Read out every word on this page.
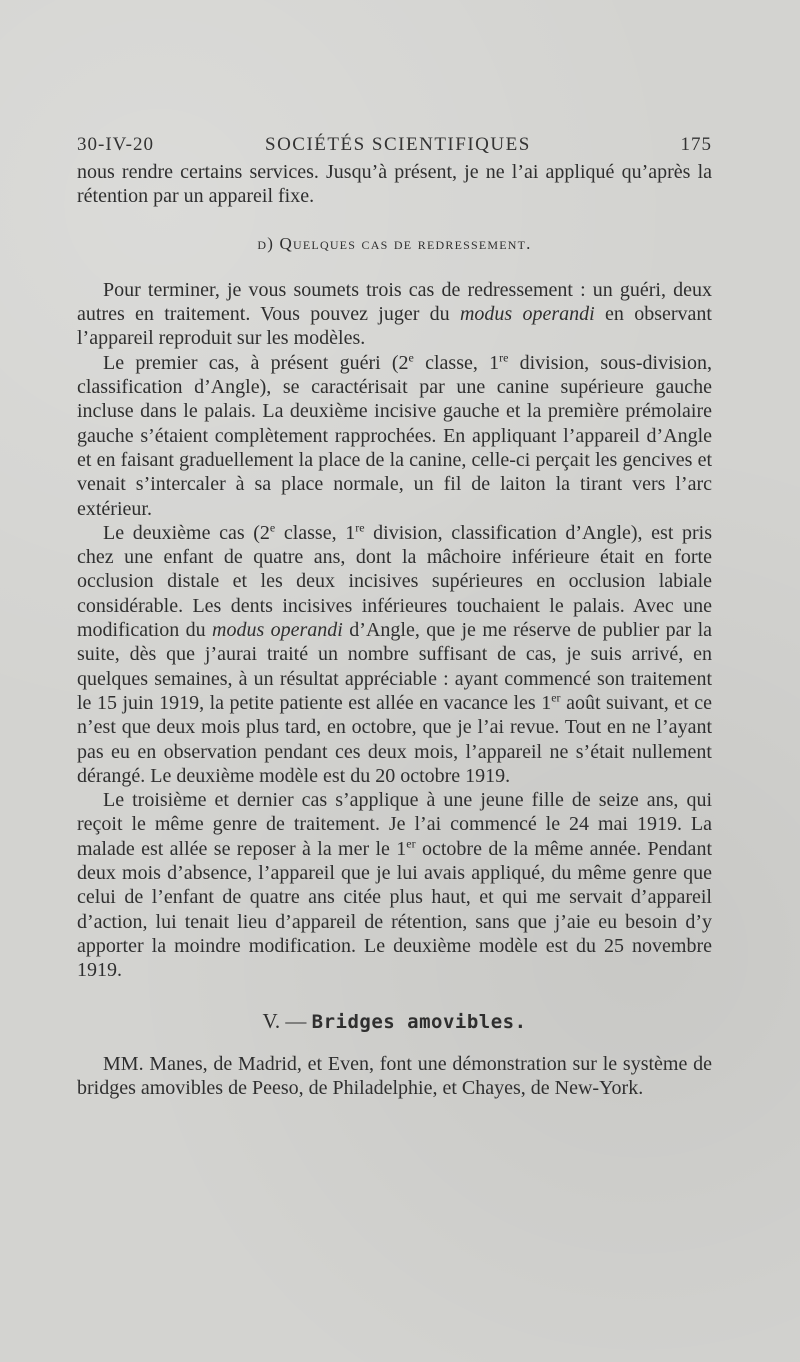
30-IV-20	SOCIÉTÉS SCIENTIFIQUES	175

nous rendre certains services. Jusqu’à présent, je ne l’ai appliqué qu’après la rétention par un appareil fixe.

d) Quelques cas de redressement.

Pour terminer, je vous soumets trois cas de redressement : un guéri, deux autres en traitement. Vous pouvez juger du modus operandi en observant l’appareil reproduit sur les modèles.

Le premier cas, à présent guéri (2e classe, 1re division, sous-division, classification d’Angle), se caractérisait par une canine supérieure gauche incluse dans le palais. La deuxième incisive gauche et la première prémolaire gauche s’étaient complètement rapprochées. En appliquant l’appareil d’Angle et en faisant graduellement la place de la canine, celle-ci perçait les gencives et venait s’intercaler à sa place normale, un fil de laiton la tirant vers l’arc extérieur.

Le deuxième cas (2e classe, 1re division, classification d’Angle), est pris chez une enfant de quatre ans, dont la mâchoire inférieure était en forte occlusion distale et les deux incisives supérieures en occlusion labiale considérable. Les dents incisives inférieures touchaient le palais. Avec une modification du modus operandi d’Angle, que je me réserve de publier par la suite, dès que j’aurai traité un nombre suffisant de cas, je suis arrivé, en quelques semaines, à un résultat appréciable : ayant commencé son traitement le 15 juin 1919, la petite patiente est allée en vacance les 1er août suivant, et ce n’est que deux mois plus tard, en octobre, que je l’ai revue. Tout en ne l’ayant pas eu en observation pendant ces deux mois, l’appareil ne s’était nullement dérangé. Le deuxième modèle est du 20 octobre 1919.

Le troisième et dernier cas s’applique à une jeune fille de seize ans, qui reçoit le même genre de traitement. Je l’ai commencé le 24 mai 1919. La malade est allée se reposer à la mer le 1er octobre de la même année. Pendant deux mois d’absence, l’appareil que je lui avais appliqué, du même genre que celui de l’enfant de quatre ans citée plus haut, et qui me servait d’appareil d’action, lui tenait lieu d’appareil de rétention, sans que j’aie eu besoin d’y apporter la moindre modification. Le deuxième modèle est du 25 novembre 1919.

V. — Bridges amovibles.

MM. Manes, de Madrid, et Even, font une démonstration sur le système de bridges amovibles de Peeso, de Philadelphie, et Chayes, de New-York.
